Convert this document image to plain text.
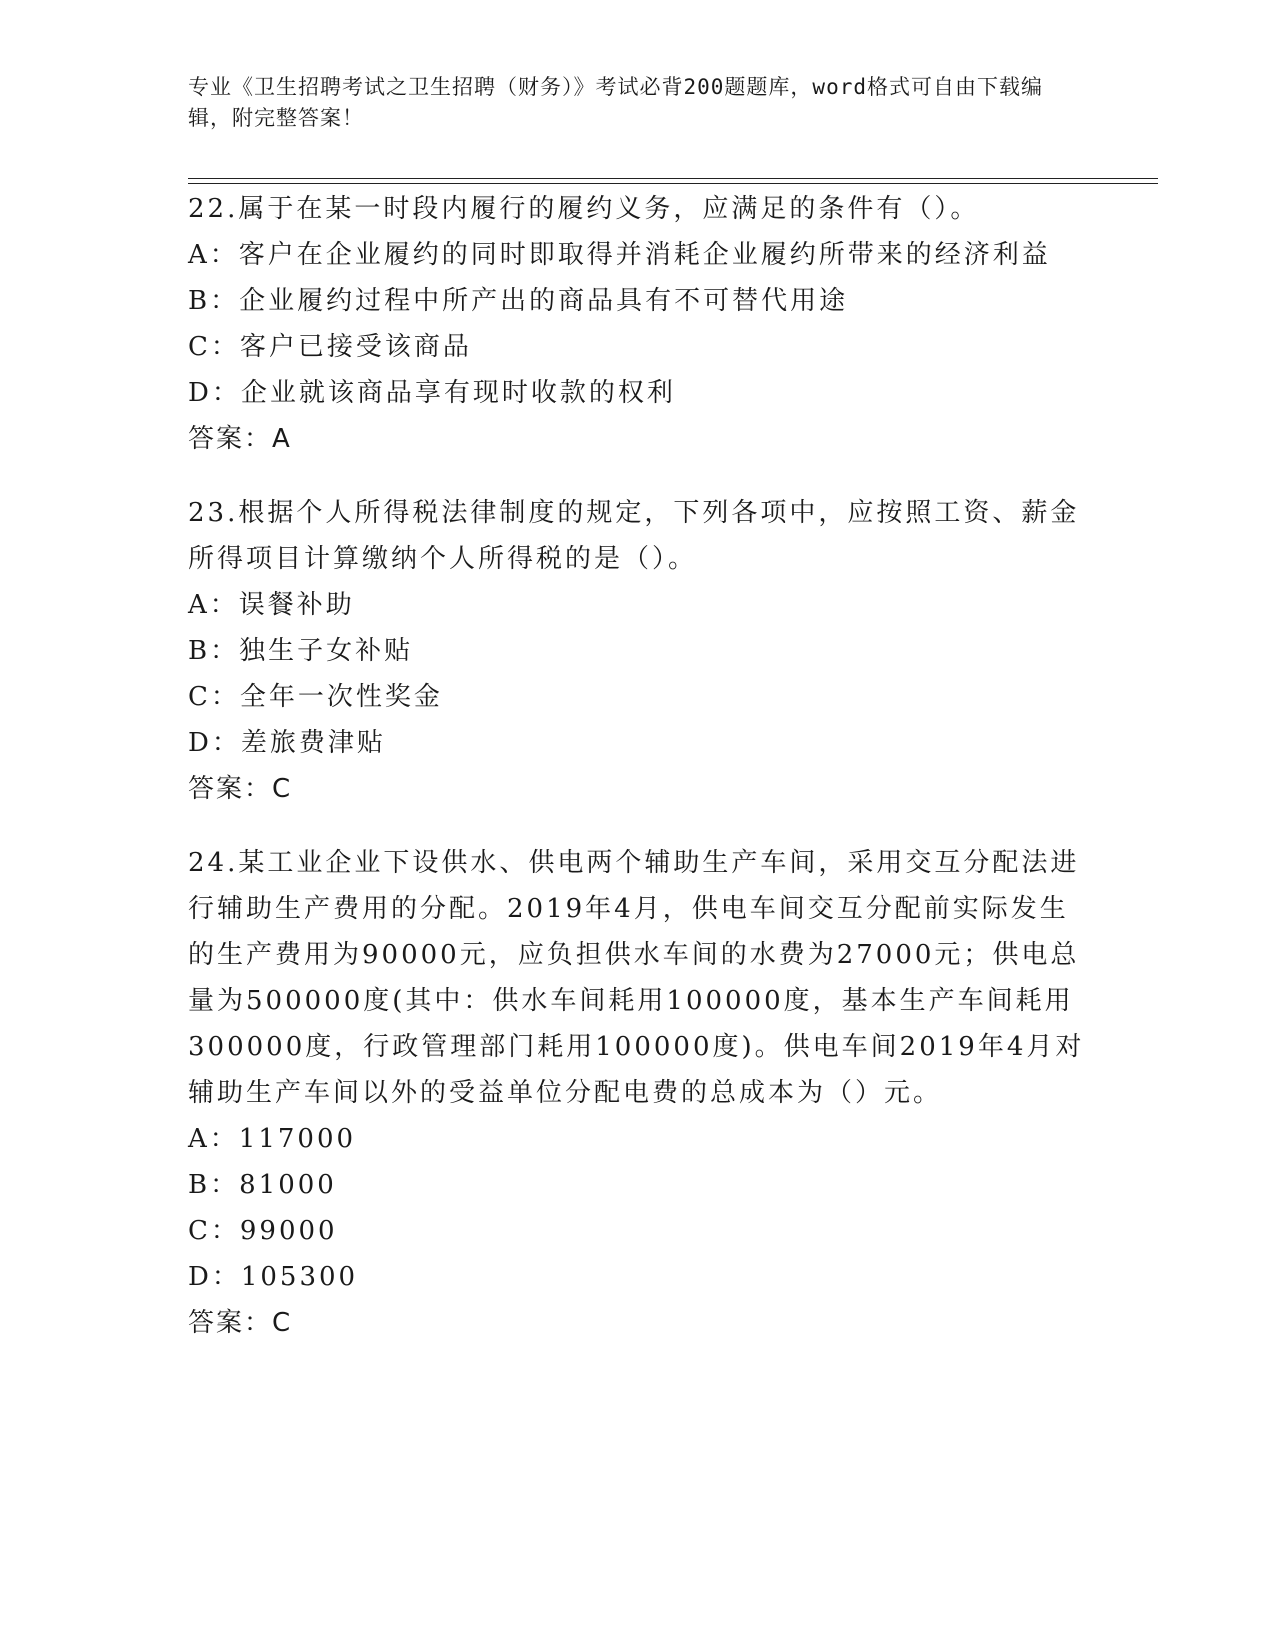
专业《卫生招聘考试之卫生招聘（财务）》考试必背200题题库，word格式可自由下载编辑，附完整答案！
22.属于在某一时段内履行的履约义务，应满足的条件有（）。
A：客户在企业履约的同时即取得并消耗企业履约所带来的经济利益
B：企业履约过程中所产出的商品具有不可替代用途
C：客户已接受该商品
D：企业就该商品享有现时收款的权利
答案：A
23.根据个人所得税法律制度的规定，下列各项中，应按照工资、薪金所得项目计算缴纳个人所得税的是（）。
A：误餐补助
B：独生子女补贴
C：全年一次性奖金
D：差旅费津贴
答案：C
24.某工业企业下设供水、供电两个辅助生产车间，采用交互分配法进行辅助生产费用的分配。2019年4月，供电车间交互分配前实际发生的生产费用为90000元，应负担供水车间的水费为27000元；供电总量为500000度(其中：供水车间耗用100000度，基本生产车间耗用300000度，行政管理部门耗用100000度)。供电车间2019年4月对辅助生产车间以外的受益单位分配电费的总成本为（）元。
A：117000
B：81000
C：99000
D：105300
答案：C
